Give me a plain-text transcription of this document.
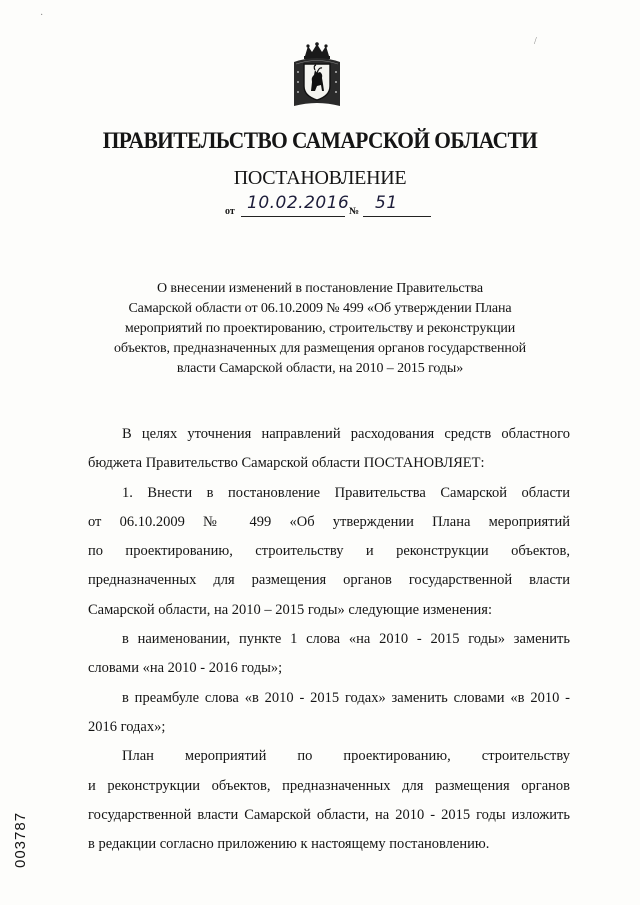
ПРАВИТЕЛЬСТВО САМАРСКОЙ ОБЛАСТИ
ПОСТАНОВЛЕНИЕ
от 10.02.2016 № 51
О внесении изменений в постановление Правительства
Самарской области от 06.10.2009 № 499 «Об утверждении Плана
мероприятий по проектированию, строительству и реконструкции
объектов, предназначенных для размещения органов государственной
власти Самарской области, на 2010 – 2015 годы»
В целях уточнения направлений расходования средств областного
бюджета Правительство Самарской области ПОСТАНОВЛЯЕТ:
1. Внести в постановление Правительства Самарской области
от 06.10.2009 № 499 «Об утверждении Плана мероприятий
по проектированию, строительству и реконструкции объектов,
предназначенных для размещения органов государственной власти
Самарской области, на 2010 – 2015 годы» следующие изменения:
в наименовании, пункте 1 слова «на 2010 - 2015 годы» заменить
словами «на 2010 - 2016 годы»;
в преамбуле слова «в 2010 - 2015 годах» заменить словами «в 2010 -
2016 годах»;
План мероприятий по проектированию, строительству
и реконструкции объектов, предназначенных для размещения органов
государственной власти Самарской области, на 2010 - 2015 годы изложить
в редакции согласно приложению к настоящему постановлению.
003787
·
/
